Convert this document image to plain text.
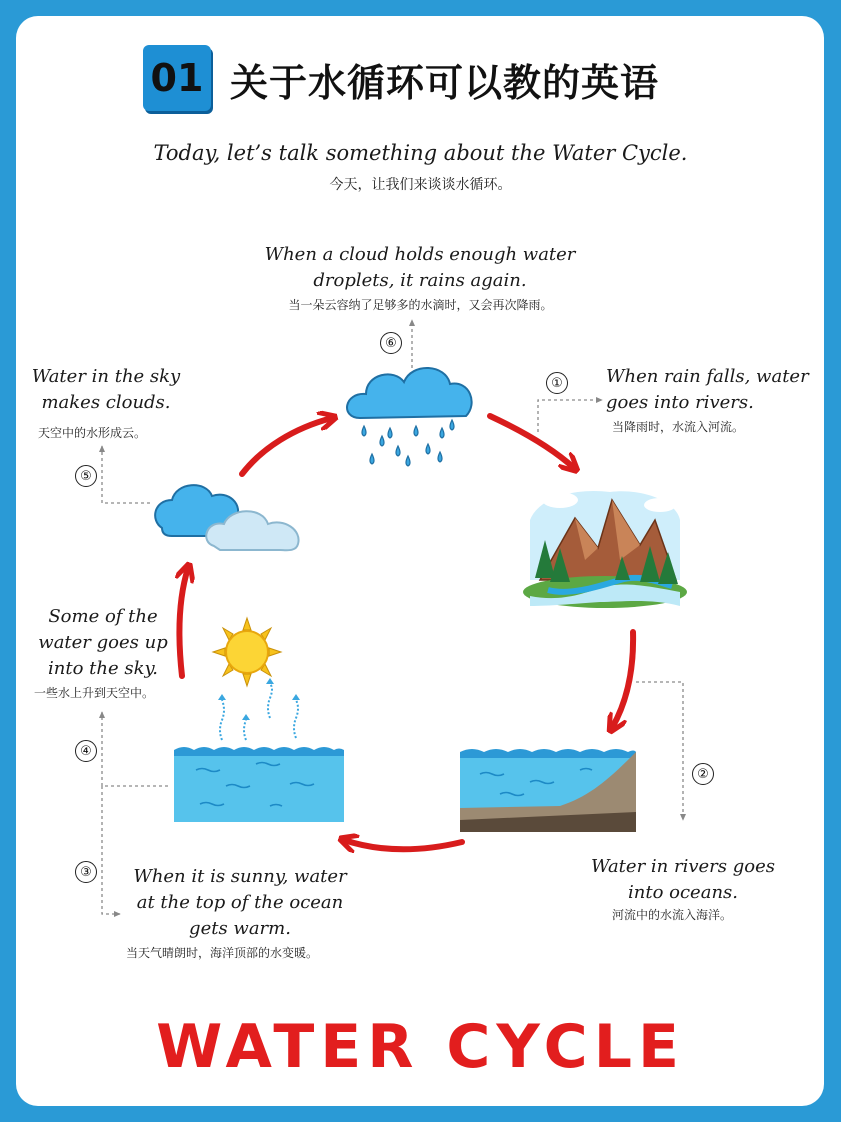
01 关于水循环可以教的英语
Today, let’s talk something about the Water Cycle.
今天，让我们来谈谈水循环。
When a cloud holds enough water
droplets, it rains again.
当一朵云容纳了足够多的水滴时，又会再次降雨。
⑥
① When rain falls, water
goes into rivers.
当降雨时，水流入河流。
Water in the sky
makes clouds.
天空中的水形成云。
⑤
Some of the
water goes up
into the sky.
一些水上升到天空中。
④
②
Water in rivers goes
into oceans.
河流中的水流入海洋。
③	When it is sunny, water
at the top of the ocean
gets warm.
当天气晴朗时，海洋顶部的水变暖。
WATER CYCLE
